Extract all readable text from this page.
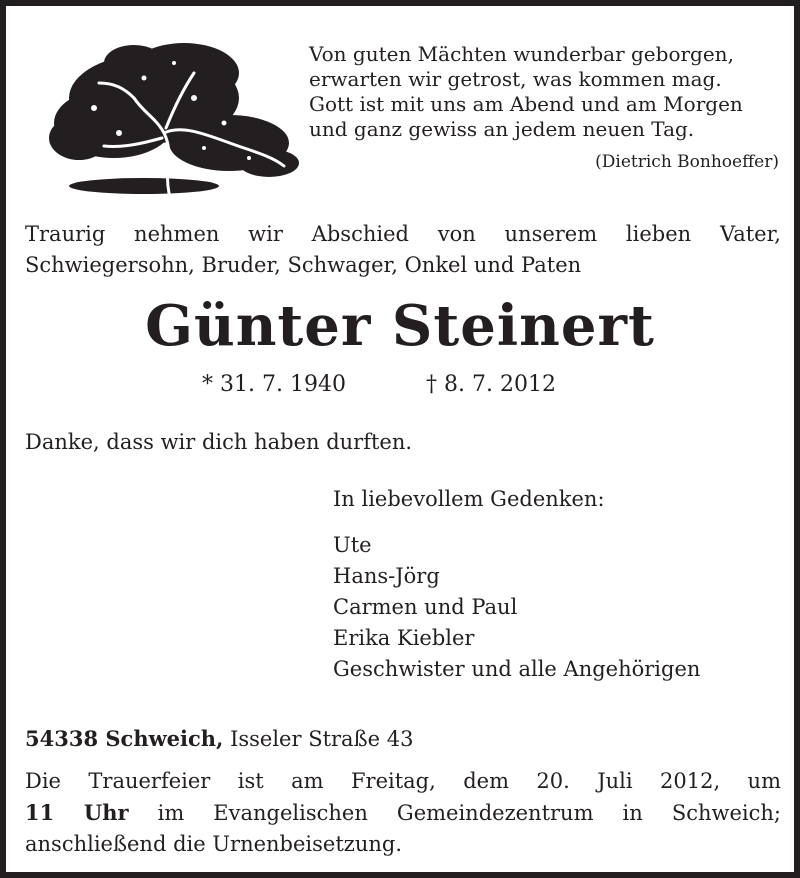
Von guten Mächten wunderbar geborgen,
erwarten wir getrost, was kommen mag.
Gott ist mit uns am Abend und am Morgen
und ganz gewiss an jedem neuen Tag.
(Dietrich Bonhoeffer)
Traurig nehmen wir Abschied von unserem lieben Vater,
Schwiegersohn, Bruder, Schwager, Onkel und Paten
Günter Steinert
* 31. 7. 1940	† 8. 7. 2012
Danke, dass wir dich haben durften.
In liebevollem Gedenken:
Ute
Hans-Jörg
Carmen und Paul
Erika Kiebler
Geschwister und alle Angehörigen
54338 Schweich, Isseler Straße 43
Die Trauerfeier ist am Freitag, dem 20. Juli 2012, um
11 Uhr im Evangelischen Gemeindezentrum in Schweich;
anschließend die Urnenbeisetzung.
